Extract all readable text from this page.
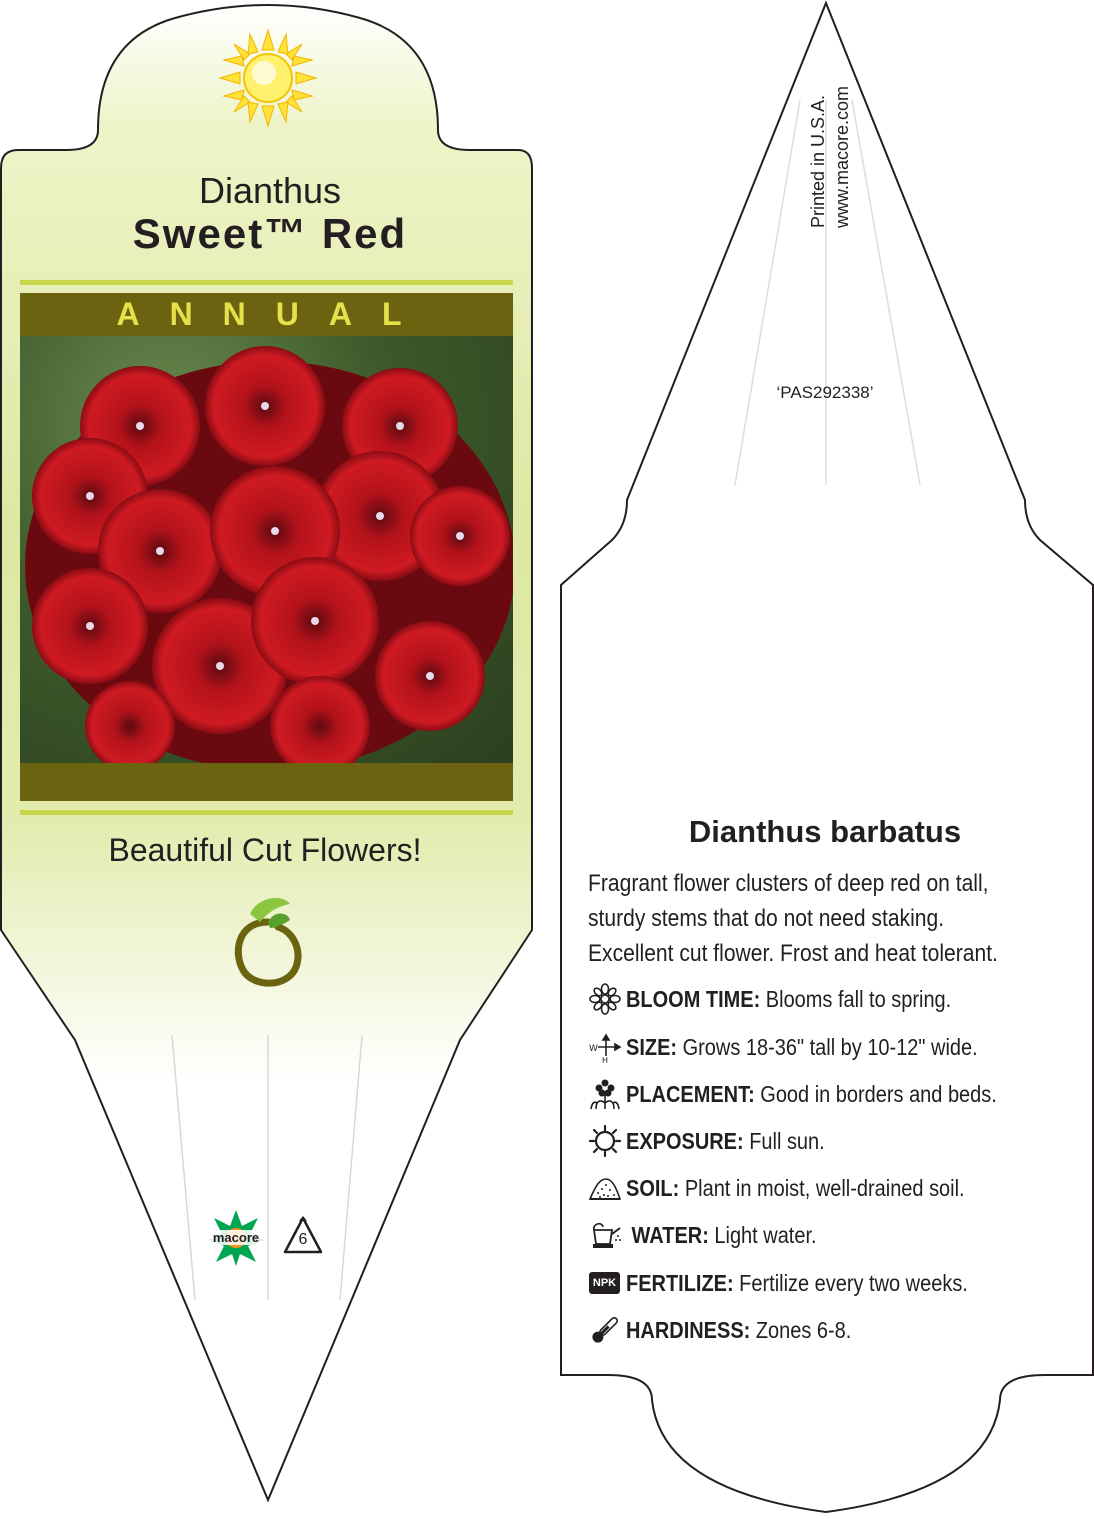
Dianthus
Sweet™ Red
ANNUAL
Beautiful Cut Flowers!
macore	6
Printed in U.S.A. www.macore.com
‘PAS292338’
Dianthus barbatus
Fragrant flower clusters of deep red on tall, sturdy stems that do not need staking. Excellent cut flower. Frost and heat tolerant.
BLOOM TIME: Blooms fall to spring.
W
H
SIZE: Grows 18-36" tall by 10-12" wide.
PLACEMENT: Good in borders and beds.
EXPOSURE: Full sun.
SOIL: Plant in moist, well-drained soil.
WATER: Light water.
NPK FERTILIZE: Fertilize every two weeks.
HARDINESS: Zones 6-8.
